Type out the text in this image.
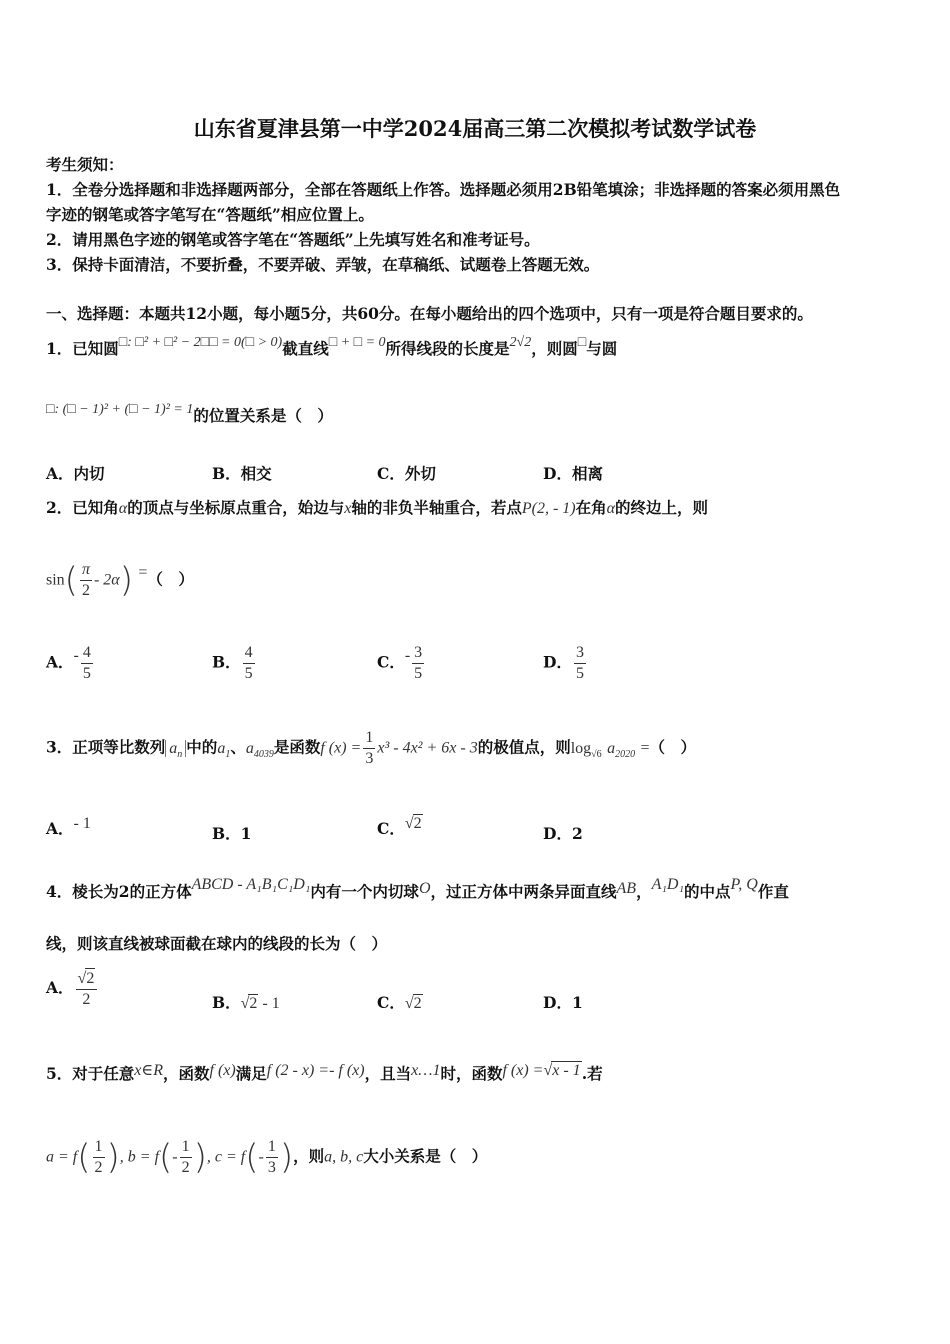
山东省夏津县第一中学2024届高三第二次模拟考试数学试卷
考生须知：
1．全卷分选择题和非选择题两部分，全部在答题纸上作答。选择题必须用2B铅笔填涂；非选择题的答案必须用黑色
字迹的钢笔或答字笔写在“答题纸”相应位置上。
2．请用黑色字迹的钢笔或答字笔在“答题纸”上先填写姓名和准考证号。
3．保持卡面清洁，不要折叠，不要弄破、弄皱，在草稿纸、试题卷上答题无效。
一、选择题：本题共12小题，每小题5分，共60分。在每小题给出的四个选项中，只有一项是符合题目要求的。
1．已知圆□: □² + □² − 2□□ = 0(□ > 0)截直线□ + □ = 0所得线段的长度是2√2，则圆□与圆
□: (□ − 1)² + (□ − 1)² = 1的位置关系是（　）
A．内切	B．相交	C．外切	D．相离
2．已知角α的顶点与坐标原点重合，始边与x轴的非负半轴重合，若点P(2, - 1)在角α的终边上，则
$\sin( \frac{\pi}{2} - 2\alpha)$ =（　）
A．- $\frac{4}{5}$	B． $\frac{4}{5}$	C．- $\frac{3}{5}$	D． $\frac{3}{5}$
3．正项等比数列 $a_n$ 中的$a_1$、$a_{4039}$是函数f $(x) = \frac{1}{3} x^3 - 4x^2 + 6x - 3$的极值点，则$\log_{√6} a_{2020}$ =（　）
A．- 1
B．1	C．√2
D．2
4．棱长为2的正方体ABCD - A₁B₁C₁D₁内有一个内切球O，过正方体中两条异面直线AB，A₁D₁的中点P, Q作直
线，则该直线被球面截在球内的线段的长为（　）
A． $\frac{√2}{2}$	B．√2 - 1	C．√2	D．1
5．对于任意x∈R，函数f (x)满足f (2 - x) =- f (x)，且当x…1时，函数f (x) =√x - 1.若
$a = f( \frac{1}{2}$ ), $b = f(- \frac{1}{2}$ ), $c = f(- \frac{1}{3}$ )，则a, b, c大小关系是（　）
